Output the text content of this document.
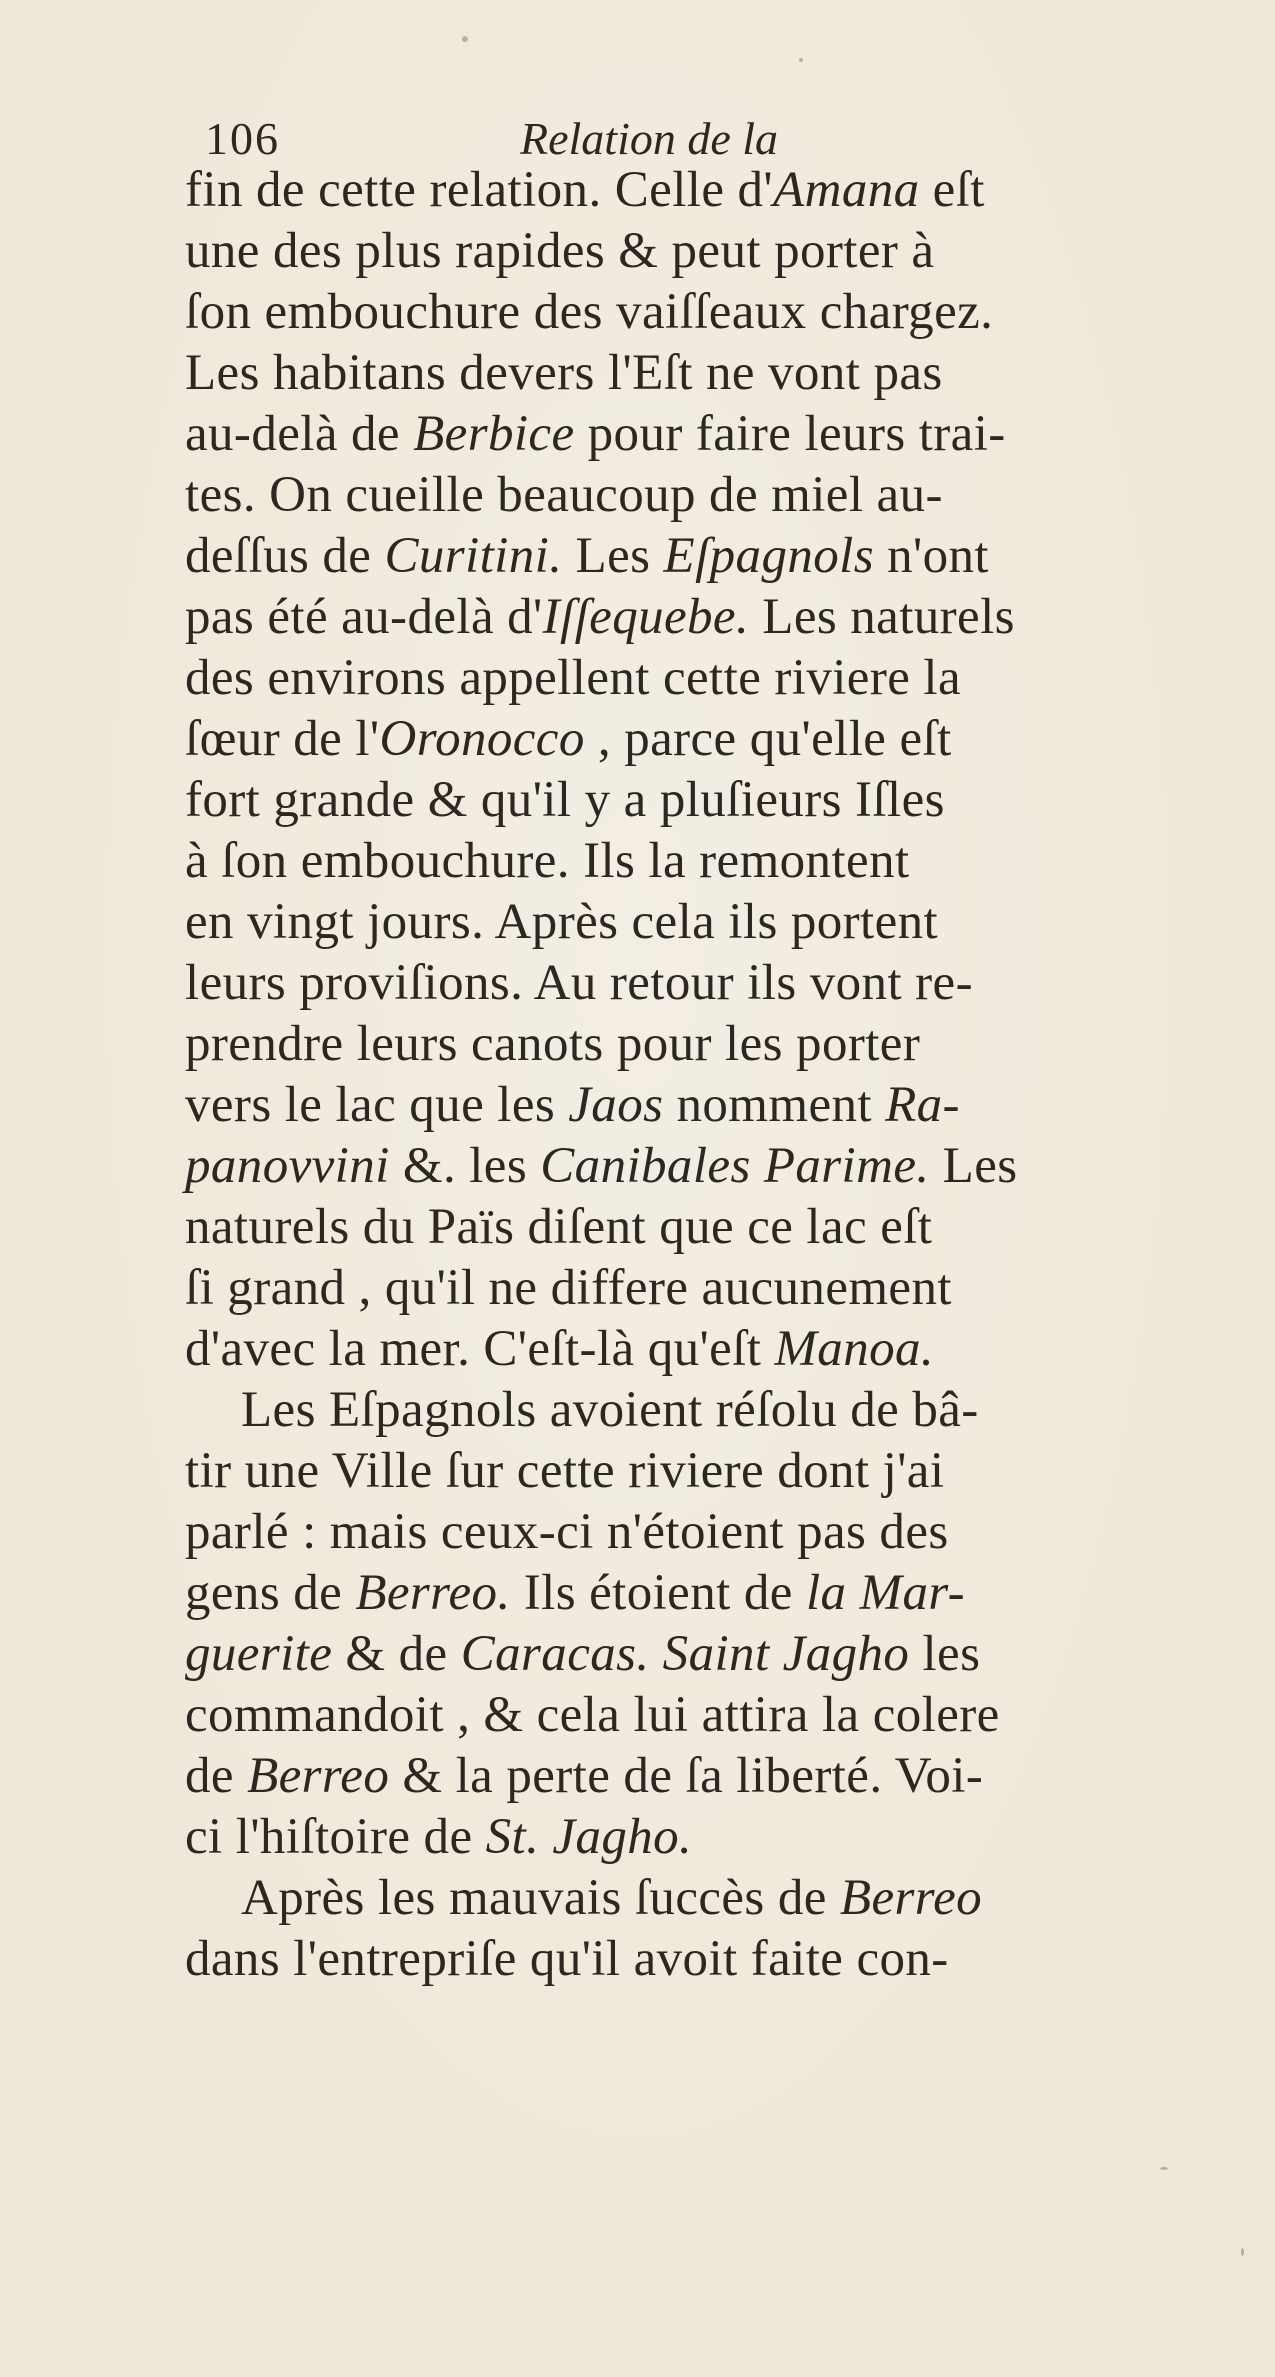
106	Relation de la
fin de cette relation. Celle d'Amana eſt
une des plus rapides & peut porter à
ſon embouchure des vaiſſeaux chargez.
Les habitans devers l'Eſt ne vont pas
au-delà de Berbice pour faire leurs trai-
tes. On cueille beaucoup de miel au-
deſſus de Curitini. Les Eſpagnols n'ont
pas été au-delà d'Iſſequebe. Les naturels
des environs appellent cette riviere la
ſœur de l'Oronocco , parce qu'elle eſt
fort grande & qu'il y a pluſieurs Iſles
à ſon embouchure. Ils la remontent
en vingt jours. Après cela ils portent
leurs proviſions. Au retour ils vont re-
prendre leurs canots pour les porter
vers le lac que les Jaos nomment Ra-
panovvini &. les Canibales Parime. Les
naturels du Païs diſent que ce lac eſt
ſi grand , qu'il ne differe aucunement
d'avec la mer. C'eſt-là qu'eſt Manoa.
Les Eſpagnols avoient réſolu de bâ-
tir une Ville ſur cette riviere dont j'ai
parlé : mais ceux-ci n'étoient pas des
gens de Berreo. Ils étoient de la Mar-
guerite & de Caracas. Saint Jagho les
commandoit , & cela lui attira la colere
de Berreo & la perte de ſa liberté. Voi-
ci l'hiſtoire de St. Jagho.
Après les mauvais ſuccès de Berreo
dans l'entrepriſe qu'il avoit faite con-
